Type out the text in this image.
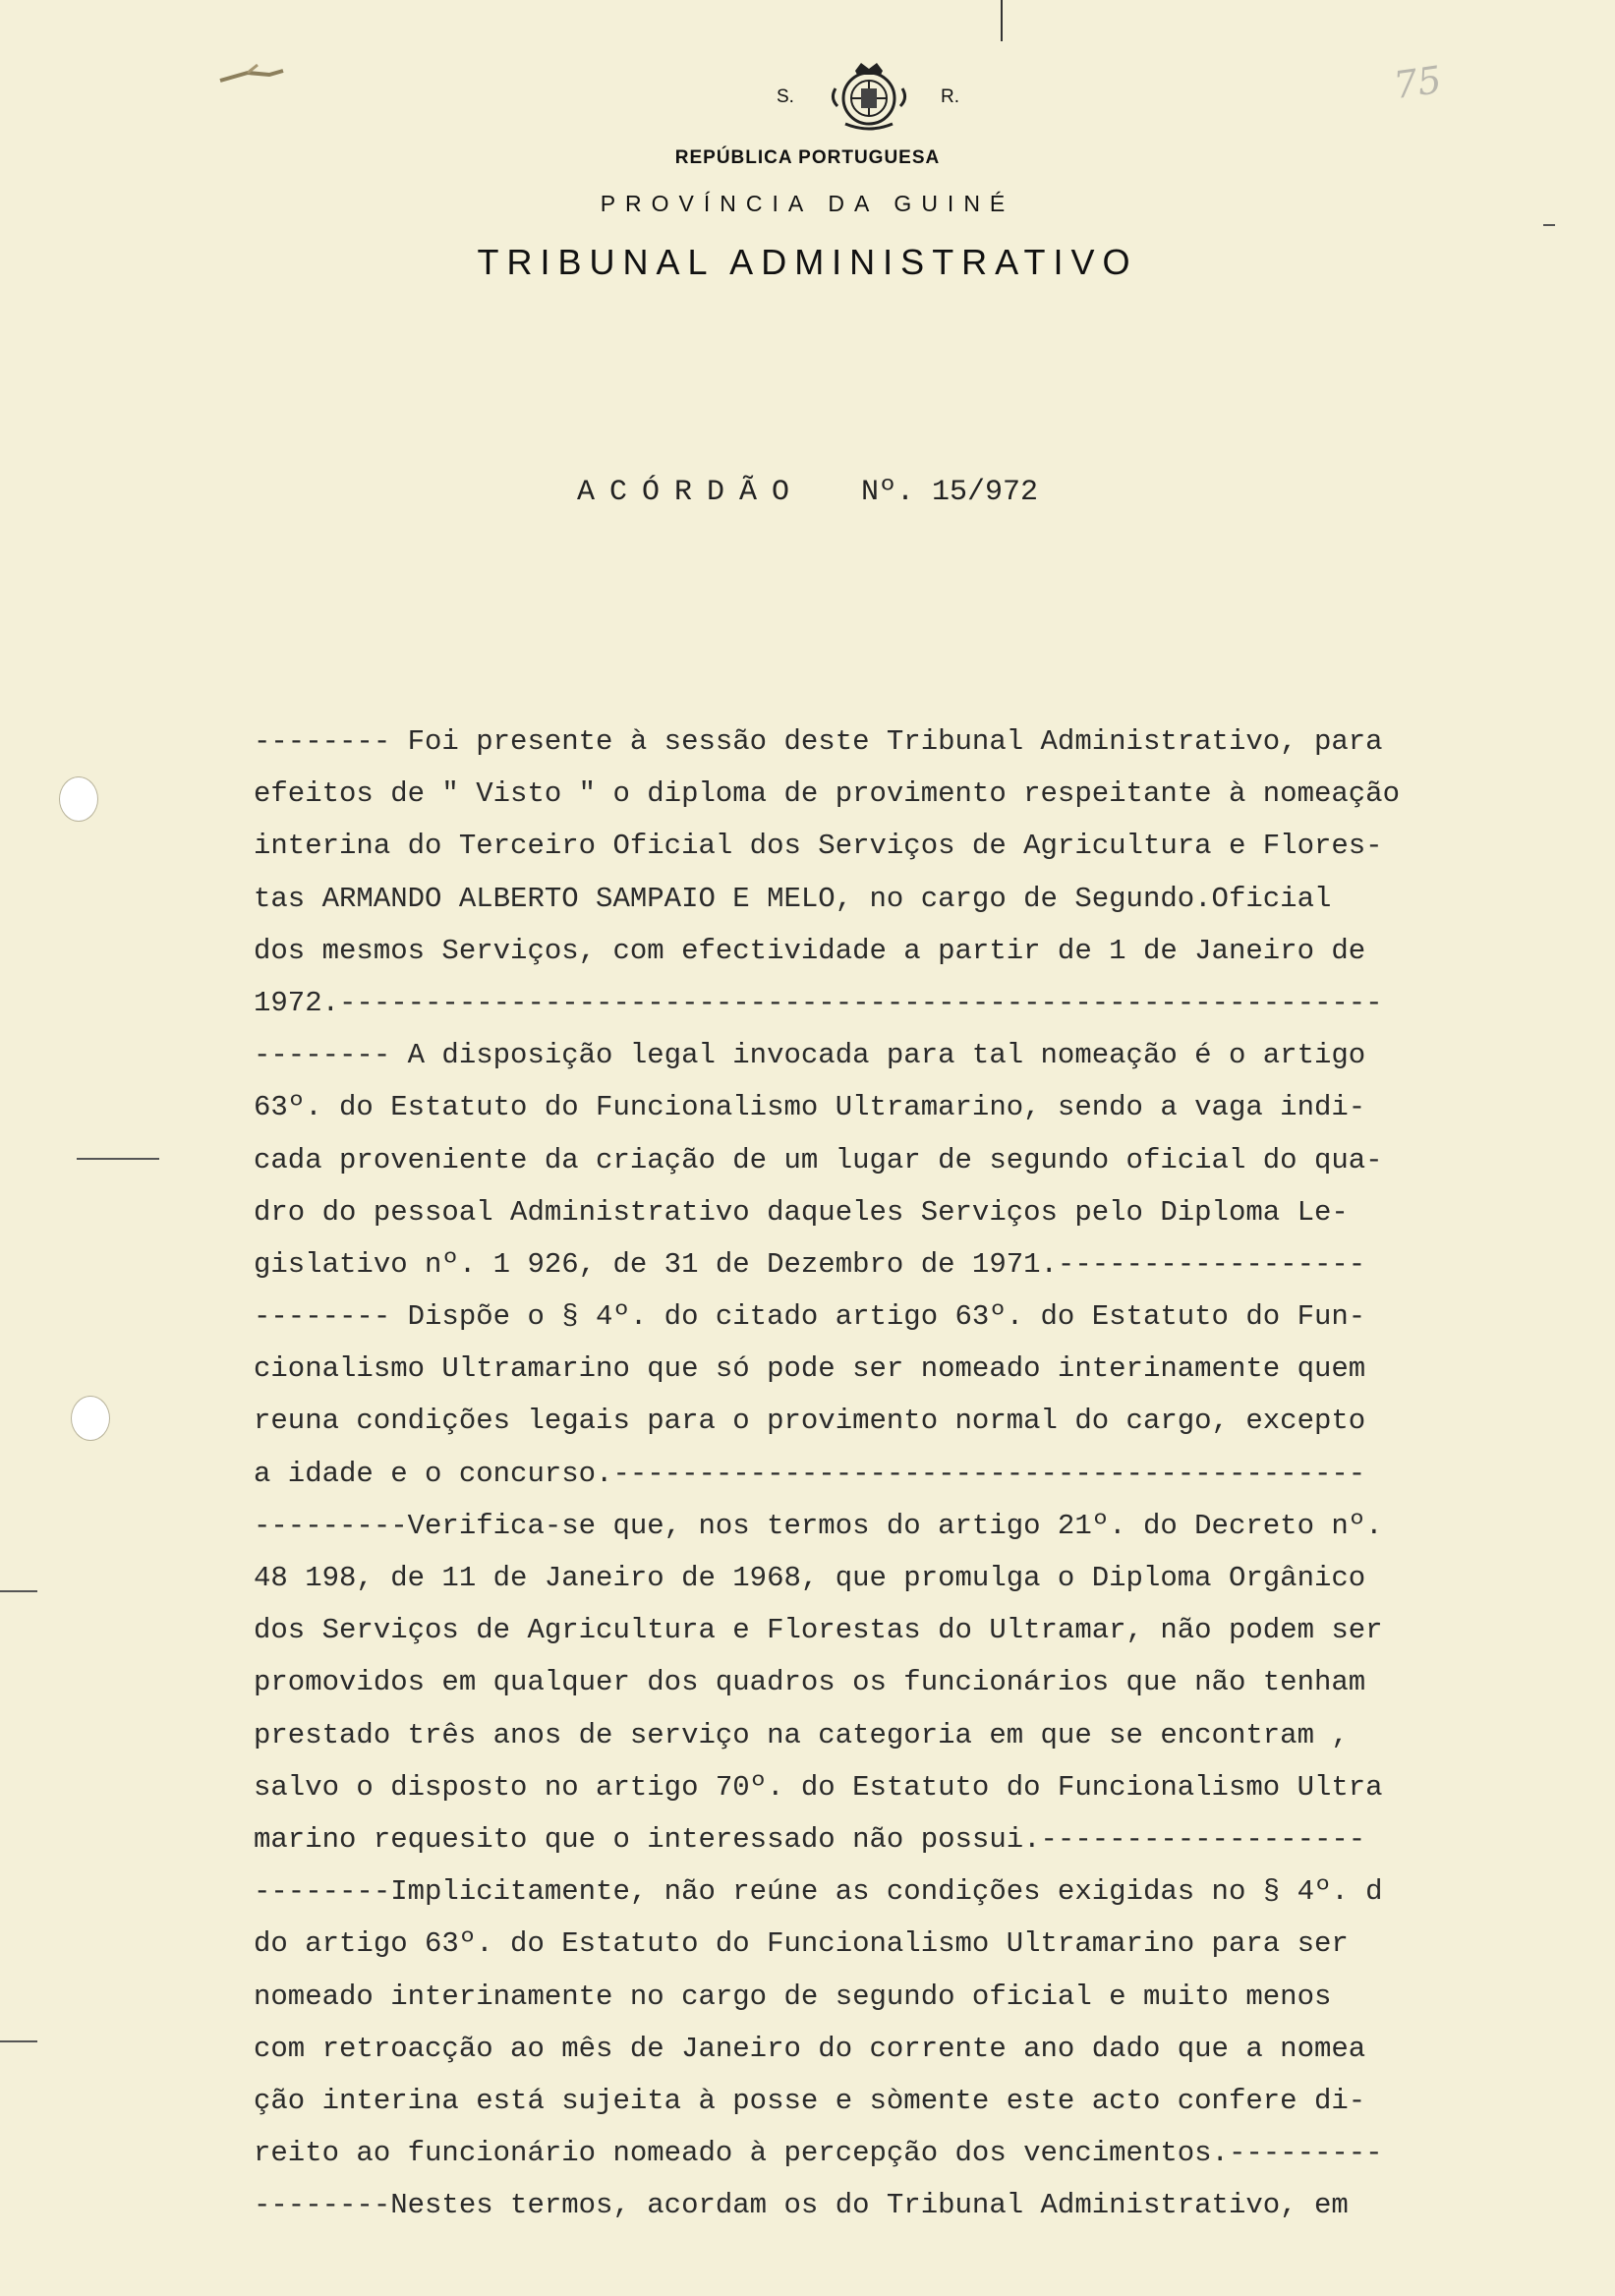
75
S.	R.
REPÚBLICA PORTUGUESA
PROVÍNCIA DA GUINÉ
TRIBUNAL ADMINISTRATIVO
ACÓRDÃO Nº. 15/972
-------- Foi presente à sessão deste Tribunal Administrativo, para
efeitos de " Visto " o diploma de provimento respeitante à nomeação
interina do Terceiro Oficial dos Serviços de Agricultura e Flores-
tas ARMANDO ALBERTO SAMPAIO E MELO, no cargo de Segundo.Oficial
dos mesmos Serviços, com efectividade a partir de 1 de Janeiro de
1972.-------------------------------------------------------------
-------- A disposição legal invocada para tal nomeação é o artigo
63º. do Estatuto do Funcionalismo Ultramarino, sendo a vaga indi-
cada proveniente da criação de um lugar de segundo oficial do qua-
dro do pessoal Administrativo daqueles Serviços pelo Diploma Le-
gislativo nº. 1 926, de 31 de Dezembro de 1971.------------------
-------- Dispõe o § 4º. do citado artigo 63º. do Estatuto do Fun-
cionalismo Ultramarino que só pode ser nomeado interinamente quem
reuna condições legais para o provimento normal do cargo, excepto
a idade e o concurso.--------------------------------------------
---------Verifica-se que, nos termos do artigo 21º. do Decreto nº.
48 198, de 11 de Janeiro de 1968, que promulga o Diploma Orgânico
dos Serviços de Agricultura e Florestas do Ultramar, não podem ser
promovidos em qualquer dos quadros os funcionários que não tenham
prestado três anos de serviço na categoria em que se encontram ,
salvo o disposto no artigo 70º. do Estatuto do Funcionalismo Ultra
marino requesito que o interessado não possui.-------------------
--------Implicitamente, não reúne as condições exigidas no § 4º. d
do artigo 63º. do Estatuto do Funcionalismo Ultramarino para ser
nomeado interinamente no cargo de segundo oficial e muito menos
com retroacção ao mês de Janeiro do corrente ano dado que a nomea
ção interina está sujeita à posse e sòmente este acto confere di-
reito ao funcionário nomeado à percepção dos vencimentos.---------
--------Nestes termos, acordam os do Tribunal Administrativo, em
